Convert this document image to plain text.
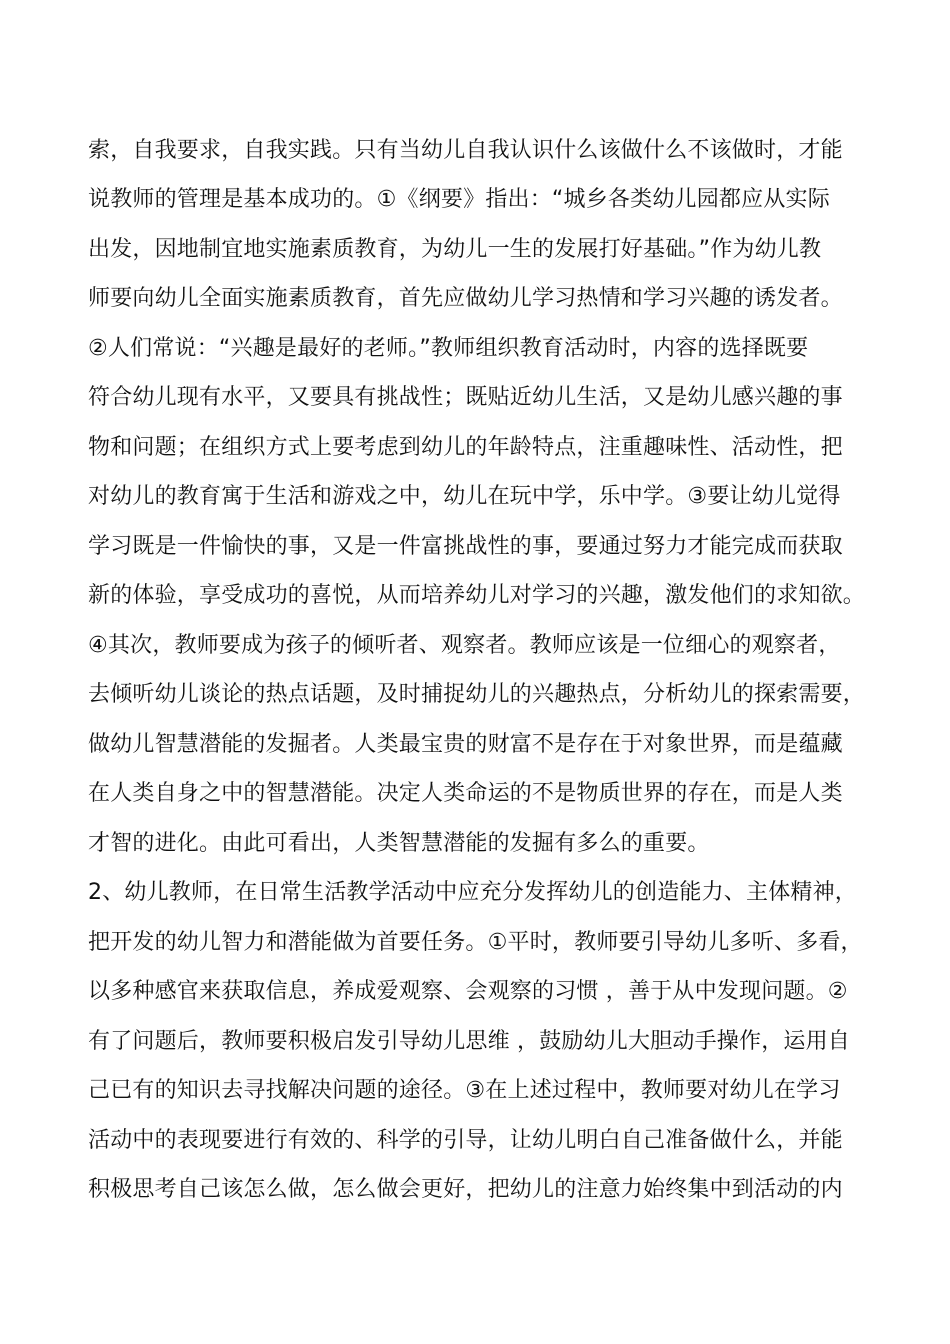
索，自我要求，自我实践。只有当幼儿自我认识什么该做什么不该做时，才能
说教师的管理是基本成功的。①《纲要》指出：“城乡各类幼儿园都应从实际
出发，因地制宜地实施素质教育，为幼儿一生的发展打好基础。”作为幼儿教
师要向幼儿全面实施素质教育，首先应做幼儿学习热情和学习兴趣的诱发者。
②人们常说：“兴趣是最好的老师。”教师组织教育活动时，内容的选择既要
符合幼儿现有水平，又要具有挑战性；既贴近幼儿生活，又是幼儿感兴趣的事
物和问题；在组织方式上要考虑到幼儿的年龄特点，注重趣味性、活动性，把
对幼儿的教育寓于生活和游戏之中，幼儿在玩中学，乐中学。③要让幼儿觉得
学习既是一件愉快的事，又是一件富挑战性的事，要通过努力才能完成而获取
新的体验，享受成功的喜悦，从而培养幼儿对学习的兴趣，激发他们的求知欲。
④其次，教师要成为孩子的倾听者、观察者。教师应该是一位细心的观察者，
去倾听幼儿谈论的热点话题，及时捕捉幼儿的兴趣热点，分析幼儿的探索需要，
做幼儿智慧潜能的发掘者。人类最宝贵的财富不是存在于对象世界，而是蕴藏
在人类自身之中的智慧潜能。决定人类命运的不是物质世界的存在，而是人类
才智的进化。由此可看出，人类智慧潜能的发掘有多么的重要。
2、幼儿教师，在日常生活教学活动中应充分发挥幼儿的创造能力、主体精神，
把开发的幼儿智力和潜能做为首要任务。①平时，教师要引导幼儿多听、多看，
以多种感官来获取信息，养成爱观察、会观察的习惯 ，善于从中发现问题。②
有了问题后，教师要积极启发引导幼儿思维 ，鼓励幼儿大胆动手操作，运用自
己已有的知识去寻找解决问题的途径。③在上述过程中，教师要对幼儿在学习
活动中的表现要进行有效的、科学的引导，让幼儿明白自己准备做什么，并能
积极思考自己该怎么做，怎么做会更好，把幼儿的注意力始终集中到活动的内
